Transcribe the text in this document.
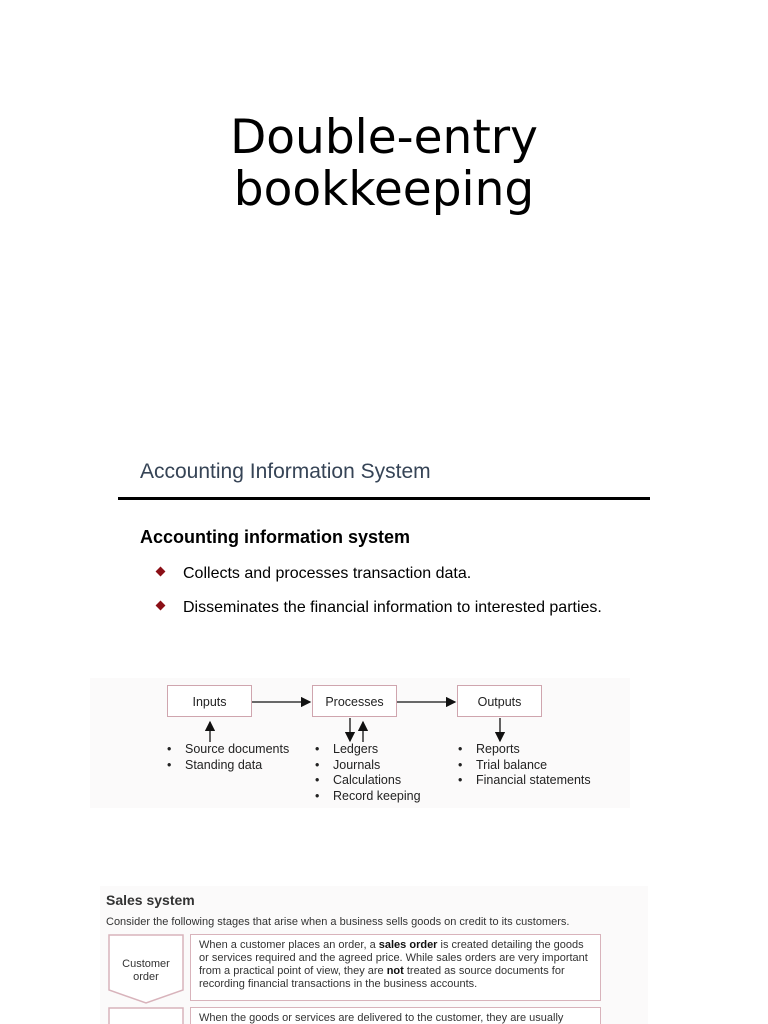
Double-entry
bookkeeping
Accounting Information System
Accounting information system
Collects and processes transaction data.
Disseminates the financial information to interested parties.
Inputs	Processes	Outputs
• Source documents
• Standing data
• Ledgers
• Journals
• Calculations
• Record keeping
• Reports
• Trial balance
• Financial statements
Sales system
Consider the following stages that arise when a business sells goods on credit to its customers.
Customer
order
When a customer places an order, a sales order is created detailing the goods or services required and the agreed price. While sales orders are very important from a practical point of view, they are not treated as source documents for recording financial transactions in the business accounts.
When the goods or services are delivered to the customer, they are usually
